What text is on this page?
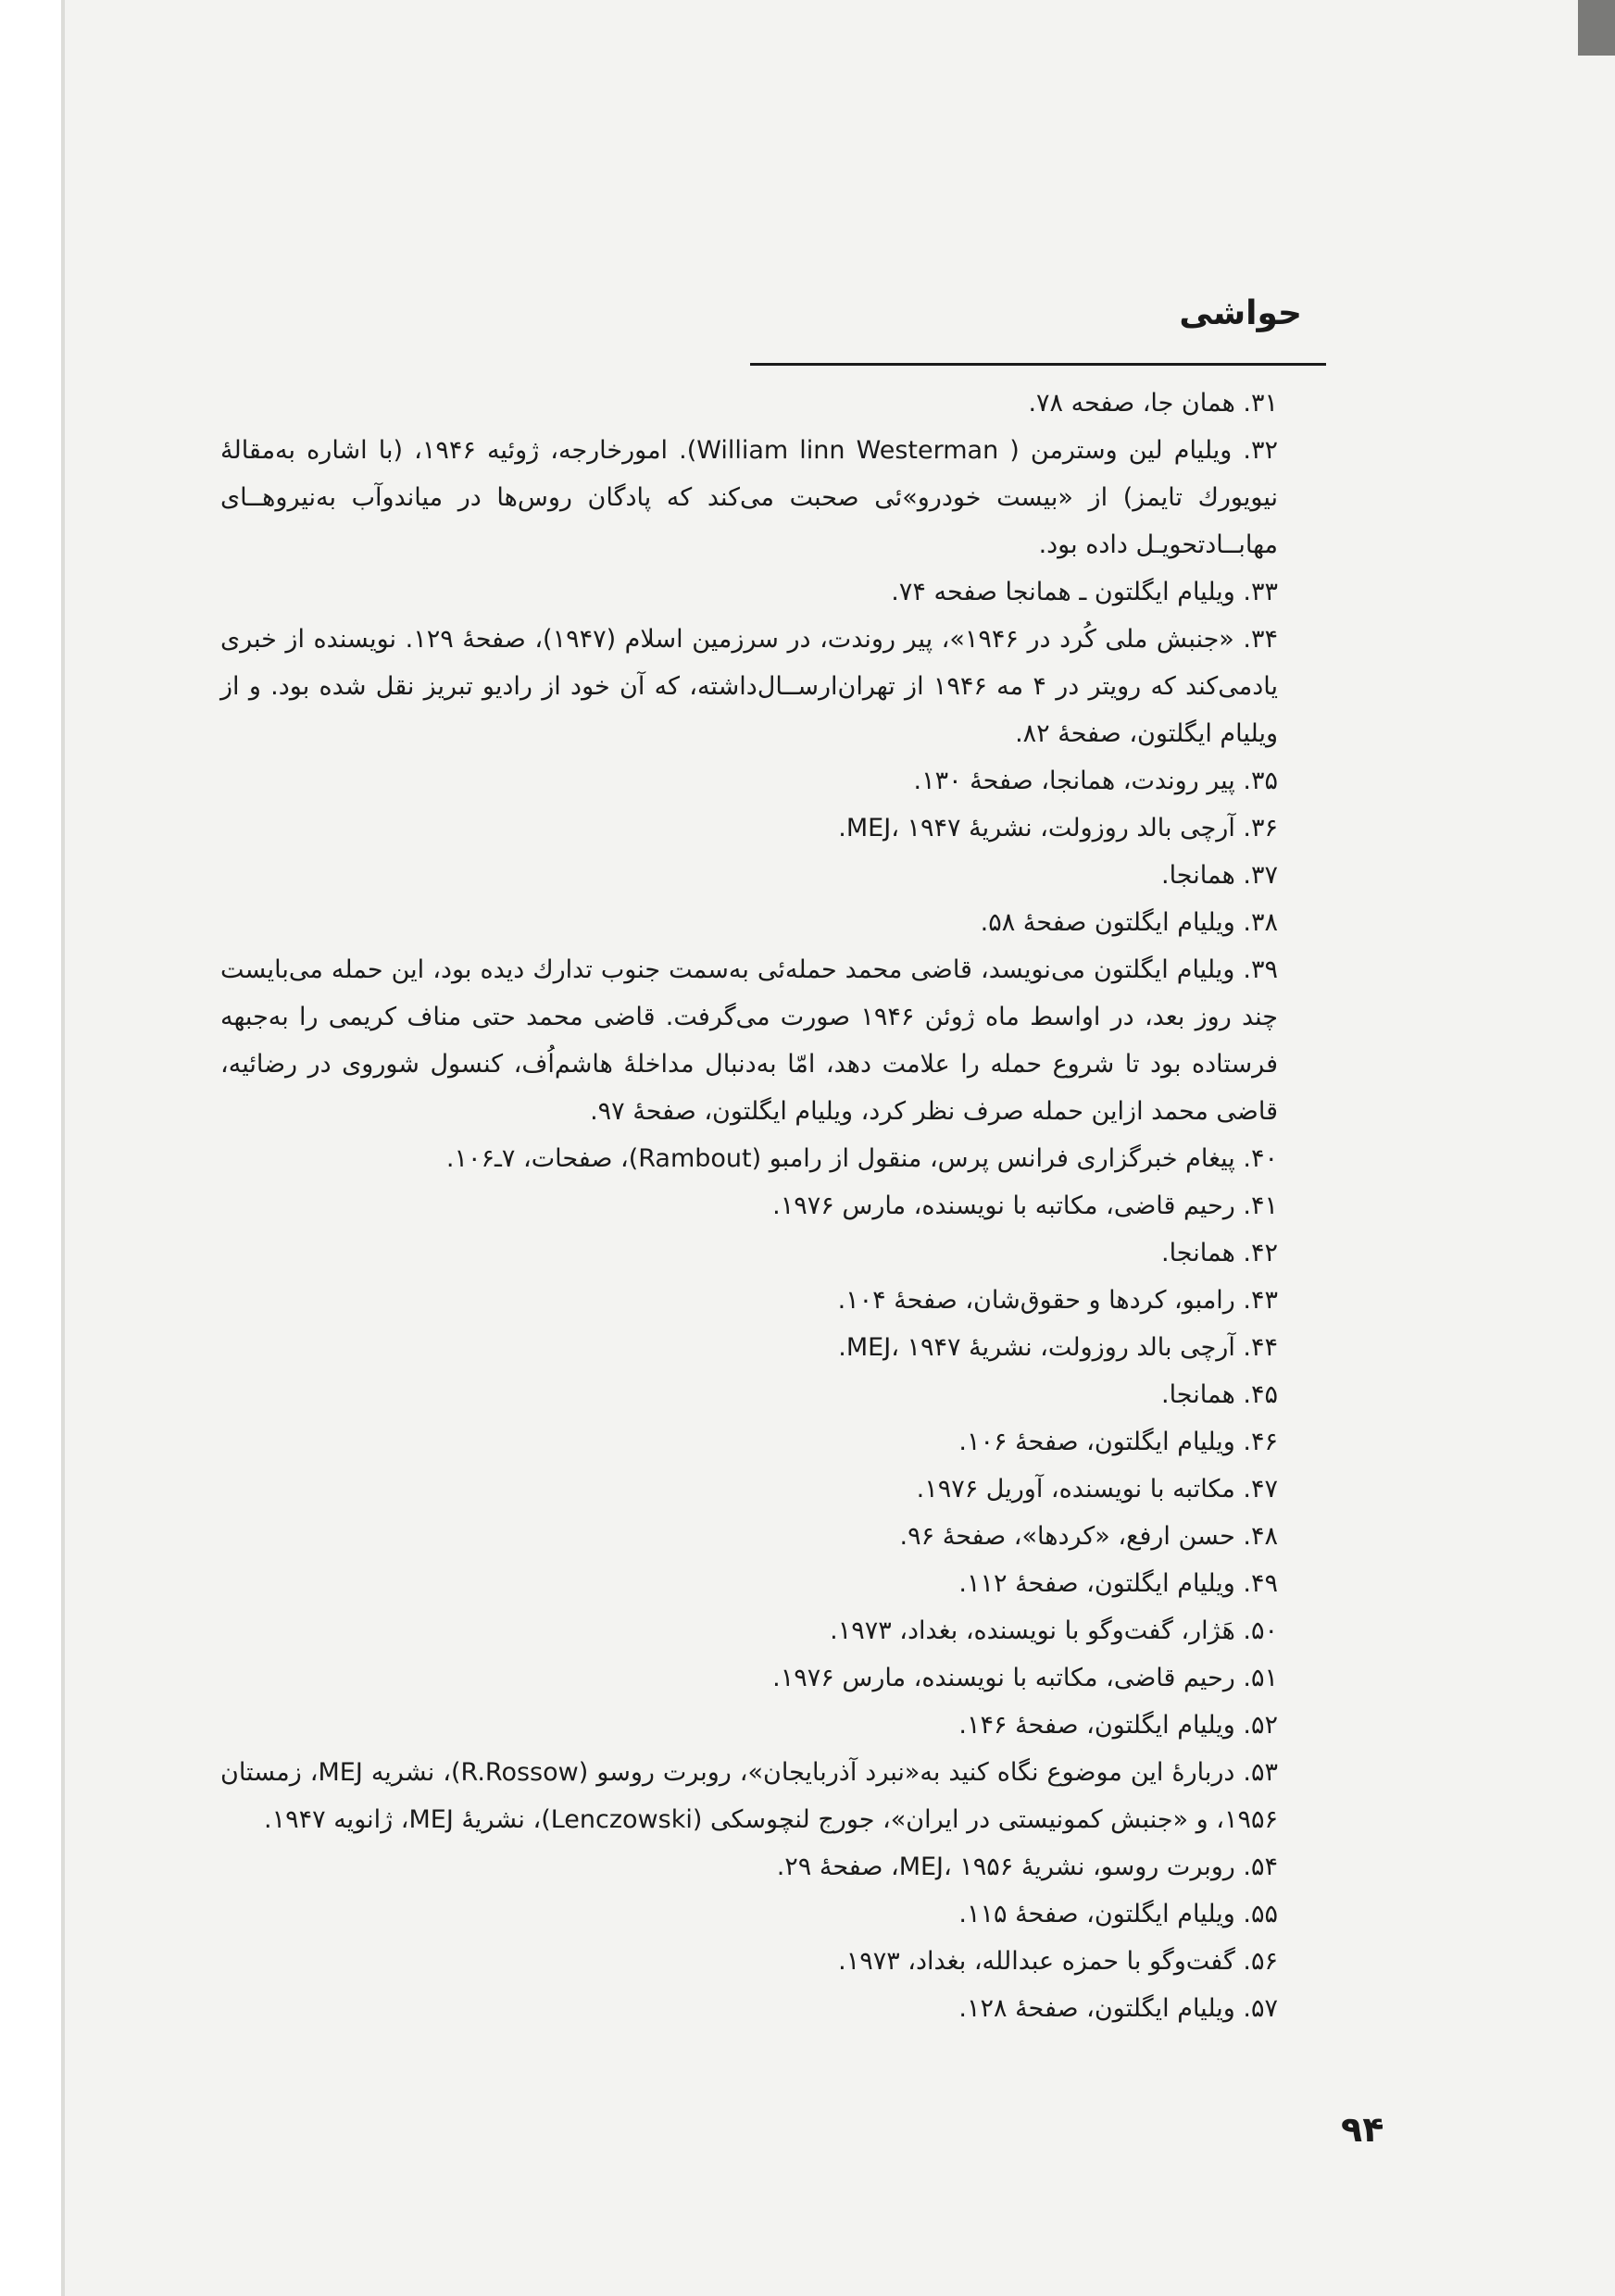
حواشی

۳۱. همان جا، صفحه ۷۸.

۳۲. ویلیام لین وسترمن ( William linn Westerman). امورخارجه، ژوئیه ۱۹۴۶، (با اشاره به‌مقالهٔ نیویورك تایمز) از «بیست خودرو»ئی صحبت می‌کند که پادگان روس‌ها در میاندوآب به‌نیروهــای مهابــادتحویـل داده بود.

۳۳. ویلیام ایگلتون ـ همانجا صفحه ۷۴.

۳۴. «جنبش ملی کُرد در ۱۹۴۶»، پیر روندت، در سرزمین اسلام (۱۹۴۷)، صفحهٔ ۱۲۹. نویسنده از خبری یادمی‌کند که رویتر در ۴ مه ۱۹۴۶ از تهران‌ارســال‌داشته، که آن خود از رادیو تبریز نقل شده بود. و از ویلیام ایگلتون، صفحهٔ ۸۲.

۳۵. پیر روندت، همانجا، صفحهٔ ۱۳۰.

۳۶. آرچی بالد روزولت، نشریهٔ MEJ، ۱۹۴۷.

۳۷. همانجا.

۳۸. ویلیام ایگلتون صفحهٔ ۵۸.

۳۹. ویلیام ایگلتون می‌نویسد، قاضی محمد حمله‌ئی به‌سمت جنوب تدارك دیده بود، این حمله می‌بایست چند روز بعد، در اواسط ماه ژوئن ۱۹۴۶ صورت می‌گرفت. قاضی محمد حتی مناف کریمی را به‌جبهه فرستاده بود تا شروع حمله را علامت دهد، امّا به‌دنبال مداخلهٔ هاشم‌اُف، کنسول شوروی در رضائیه، قاضی محمد ازاین حمله صرف نظر کرد، ویلیام ایگلتون، صفحهٔ ۹۷.

۴۰. پیغام خبرگزاری فرانس پرس، منقول از رامبو (Rambout)، صفحات، ۷ـ۱۰۶.

۴۱. رحیم قاضی، مکاتبه با نویسنده، مارس ۱۹۷۶.

۴۲. همانجا.

۴۳. رامبو، کردها و حقوق‌شان، صفحهٔ ۱۰۴.

۴۴. آرچی بالد روزولت، نشریهٔ MEJ، ۱۹۴۷.

۴۵. همانجا.

۴۶. ویلیام ایگلتون، صفحهٔ ۱۰۶.

۴۷. مکاتبه با نویسنده، آوریل ۱۹۷۶.

۴۸. حسن ارفع، «کردها»، صفحهٔ ۹۶.

۴۹. ویلیام ایگلتون، صفحهٔ ۱۱۲.

۵۰. هَژار، گفت‌وگو با نویسنده، بغداد، ۱۹۷۳.

۵۱. رحیم قاضی، مکاتبه با نویسنده، مارس ۱۹۷۶.

۵۲. ویلیام ایگلتون، صفحهٔ ۱۴۶.

۵۳. دربارهٔ این موضوع نگاه کنید به«نبرد آذربایجان»، روبرت روسو (R.Rossow)، نشریه MEJ، زمستان ۱۹۵۶، و «جنبش کمونیستی در ایران»، جورج لنچوسکی (Lenczowski)، نشریهٔ MEJ، ژانویه ۱۹۴۷.

۵۴. روبرت روسو، نشریهٔ MEJ، ۱۹۵۶، صفحهٔ ۲۹.

۵۵. ویلیام ایگلتون، صفحهٔ ۱۱۵.

۵۶. گفت‌وگو با حمزه عبدالله، بغداد، ۱۹۷۳.

۵۷. ویلیام ایگلتون، صفحهٔ ۱۲۸.

۹۴
